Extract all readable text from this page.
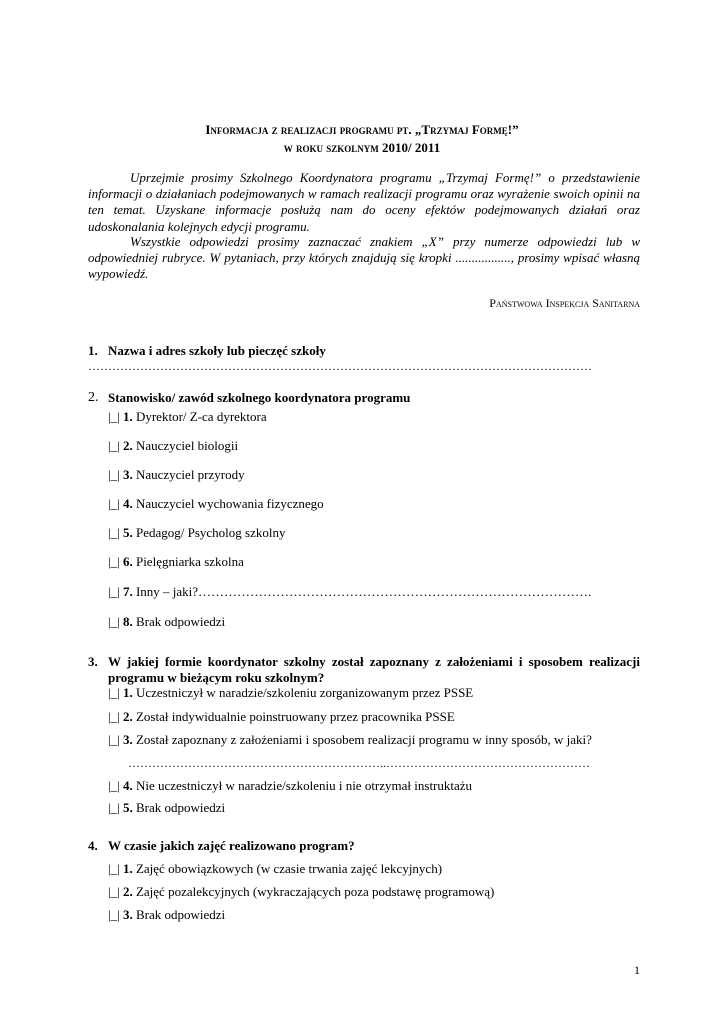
Informacja z realizacji programu pt. „Trzymaj Formę!”
w roku szkolnym 2010/ 2011

Uprzejmie prosimy Szkolnego Koordynatora programu „Trzymaj Formę!” o przedstawienie informacji o działaniach podejmowanych w ramach realizacji programu oraz wyrażenie swoich opinii na ten temat. Uzyskane informacje posłużą nam do oceny efektów podejmowanych działań oraz udoskonalania kolejnych edycji programu.

Wszystkie odpowiedzi prosimy zaznaczać znakiem „X” przy numerze odpowiedzi lub w odpowiedniej rubryce. W pytaniach, przy których znajdują się kropki ................., prosimy wpisać własną wypowiedź.

Państwowa Inspekcja Sanitarna
1. Nazwa i adres szkoły lub pieczęć szkoły
………………………………………………………………………………………………………………
2. Stanowisko/ zawód szkolnego koordynatora programu
|_| 1. Dyrektor/ Z-ca dyrektora
|_| 2. Nauczyciel biologii
|_| 3. Nauczyciel przyrody
|_| 4. Nauczyciel wychowania fizycznego
|_| 5. Pedagog/ Psycholog szkolny
|_| 6. Pielęgniarka szkolna
|_| 7. Inny – jaki?……………………………………………………………………………….
|_| 8. Brak odpowiedzi
3. W jakiej formie koordynator szkolny został zapoznany z założeniami i sposobem realizacji programu w bieżącym roku szkolnym?
|_| 1. Uczestniczył w naradzie/szkoleniu zorganizowanym przez PSSE
|_| 2. Został indywidualnie poinstruowany przez pracownika PSSE
|_| 3. Został zapoznany z założeniami i sposobem realizacji programu w inny sposób, w jaki?
………………………………………………………..……………………………………………
|_| 4. Nie uczestniczył w naradzie/szkoleniu i nie otrzymał instruktażu
|_| 5. Brak odpowiedzi
4. W czasie jakich zajęć realizowano program?
|_| 1. Zajęć obowiązkowych (w czasie trwania zajęć lekcyjnych)
|_| 2. Zajęć pozalekcyjnych (wykraczających poza podstawę programową)
|_| 3. Brak odpowiedzi
1
